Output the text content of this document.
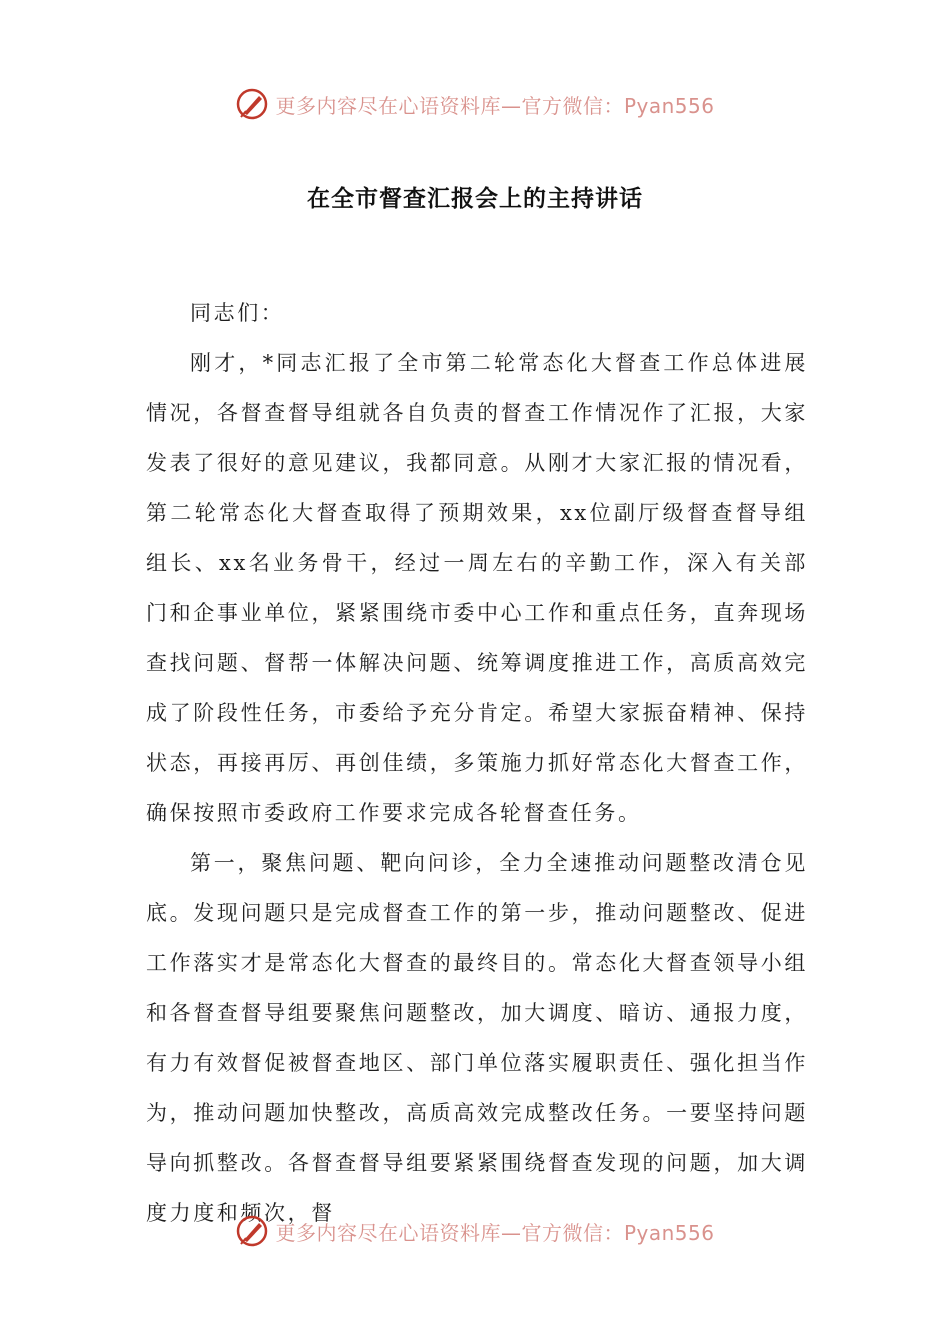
更多内容尽在心语资料库—官方微信：Pyan556
在全市督查汇报会上的主持讲话

同志们：

刚才，*同志汇报了全市第二轮常态化大督查工作总体进展情况，各督查督导组就各自负责的督查工作情况作了汇报，大家发表了很好的意见建议，我都同意。从刚才大家汇报的情况看，第二轮常态化大督查取得了预期效果，xx位副厅级督查督导组组长、xx名业务骨干，经过一周左右的辛勤工作，深入有关部门和企事业单位，紧紧围绕市委中心工作和重点任务，直奔现场查找问题、督帮一体解决问题、统筹调度推进工作，高质高效完成了阶段性任务，市委给予充分肯定。希望大家振奋精神、保持状态，再接再厉、再创佳绩，多策施力抓好常态化大督查工作，确保按照市委政府工作要求完成各轮督查任务。

第一，聚焦问题、靶向问诊，全力全速推动问题整改清仓见底。发现问题只是完成督查工作的第一步，推动问题整改、促进工作落实才是常态化大督查的最终目的。常态化大督查领导小组和各督查督导组要聚焦问题整改，加大调度、暗访、通报力度，有力有效督促被督查地区、部门单位落实履职责任、强化担当作为，推动问题加快整改，高质高效完成整改任务。一要坚持问题导向抓整改。各督查督导组要紧紧围绕督查发现的问题，加大调度力度和频次，督

更多内容尽在心语资料库—官方微信：Pyan556
